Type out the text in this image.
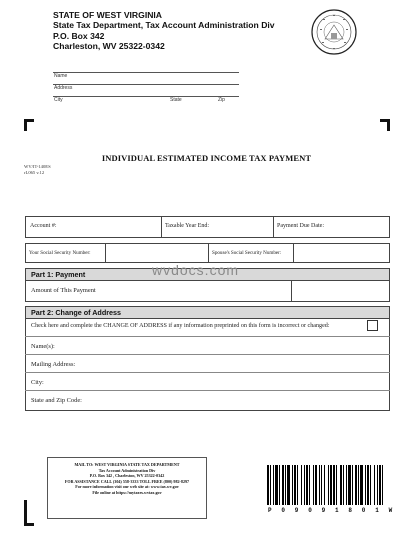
STATE OF WEST VIRGINIA
State Tax Department, Tax Account Administration Div
P.O. Box 342
Charleston, WV 25322-0342
Name
Address
City	State	Zip
WV/IT-140ES
rL065 v.12
INDIVIDUAL ESTIMATED INCOME TAX PAYMENT
Account #:	Taxable Year End:	Payment Due Date:
Your Social Security Number:	Spouse's Social Security Number:
Part 1: Payment
Amount of This Payment
Part 2: Change of Address
Check here and complete the CHANGE OF ADDRESS if any information preprinted on this form is incorrect or changed:
Name(s):
Mailing Address:
City:
State and Zip Code:
wvdocs.com
MAIL TO: WEST VIRGINIA STATE TAX DEPARTMENT
Tax Account Administration Div
P.O. Box 342 , Charleston, WV 25322-0342
FOR ASSISTANCE CALL (304) 558-3333 TOLL FREE (800) 982-8297
For more information visit our web site at: www.tax.wv.gov
File online at https://mytaxes.wvtax.gov
P 0 9 0 9 1 8 0 1 W
